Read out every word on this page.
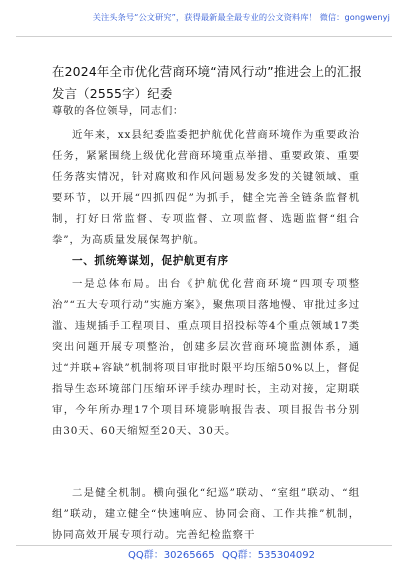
关注头条号“公文研究”，获得最新最全最专业的公文资料库！ 微信：gongwenyj
在2024年全市优化营商环境“清风行动”推进会上的汇报发言（2555字）纪委
尊敬的各位领导，同志们：
近年来，xx县纪委监委把护航优化营商环境作为重要政治任务，紧紧围绕上级优化营商环境重点举措、重要政策、重要任务落实情况，针对腐败和作风问题易发多发的关键领域、重要环节，以开展“四抓四促”为抓手，健全完善全链条监督机制，打好日常监督、专项监督、立项监督、选题监督“组合拳”，为高质量发展保驾护航。
一、抓统筹谋划，促护航更有序
一是总体布局。出台《护航优化营商环境“四项专项整治”“五大专项行动”实施方案》，聚焦项目落地慢、审批过多过滥、违规插手工程项目、重点项目招投标等4个重点领域17类突出问题开展专项整治，创建多层次营商环境监测体系，通过“并联+容缺”机制将项目审批时限平均压缩50%以上，督促指导生态环境部门压缩环评手续办理时长，主动对接，定期联审，今年所办理17个项目环境影响报告表、项目报告书分别由30天、60天缩短至20天、30天。
二是健全机制。横向强化“纪巡”联动、“室组”联动、“组组”联动，建立健全“快速响应、协同会商、工作共推”机制，协同高效开展专项行动。完善纪检监察干
QQ群：30265665 QQ群：535304092
